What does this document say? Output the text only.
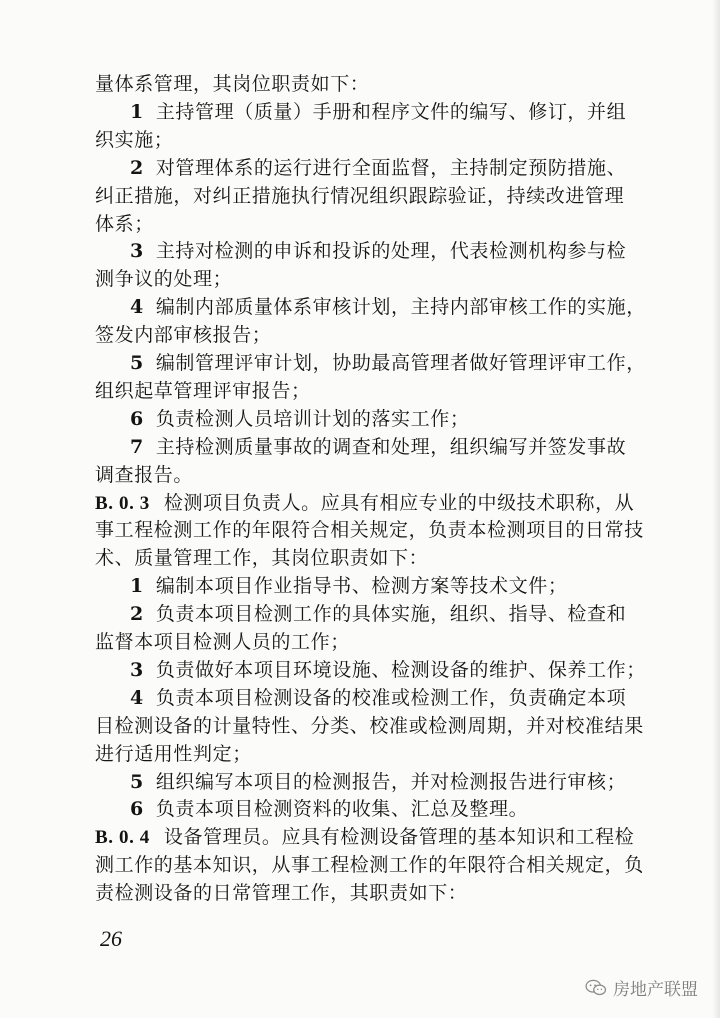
量体系管理，其岗位职责如下：
1 主持管理（质量）手册和程序文件的编写、修订，并组
织实施；
2 对管理体系的运行进行全面监督，主持制定预防措施、
纠正措施，对纠正措施执行情况组织跟踪验证，持续改进管理
体系；
3 主持对检测的申诉和投诉的处理，代表检测机构参与检
测争议的处理；
4 编制内部质量体系审核计划，主持内部审核工作的实施，
签发内部审核报告；
5 编制管理评审计划，协助最高管理者做好管理评审工作，
组织起草管理评审报告；
6 负责检测人员培训计划的落实工作；
7 主持检测质量事故的调查和处理，组织编写并签发事故
调查报告。
B. 0. 3 检测项目负责人。应具有相应专业的中级技术职称，从
事工程检测工作的年限符合相关规定，负责本检测项目的日常技
术、质量管理工作，其岗位职责如下：
1 编制本项目作业指导书、检测方案等技术文件；
2 负责本项目检测工作的具体实施，组织、指导、检查和
监督本项目检测人员的工作；
3 负责做好本项目环境设施、检测设备的维护、保养工作；
4 负责本项目检测设备的校准或检测工作，负责确定本项
目检测设备的计量特性、分类、校准或检测周期，并对校准结果
进行适用性判定；
5 组织编写本项目的检测报告，并对检测报告进行审核；
6 负责本项目检测资料的收集、汇总及整理。
B. 0. 4 设备管理员。应具有检测设备管理的基本知识和工程检
测工作的基本知识，从事工程检测工作的年限符合相关规定，负
责检测设备的日常管理工作，其职责如下：
26
房地产联盟
